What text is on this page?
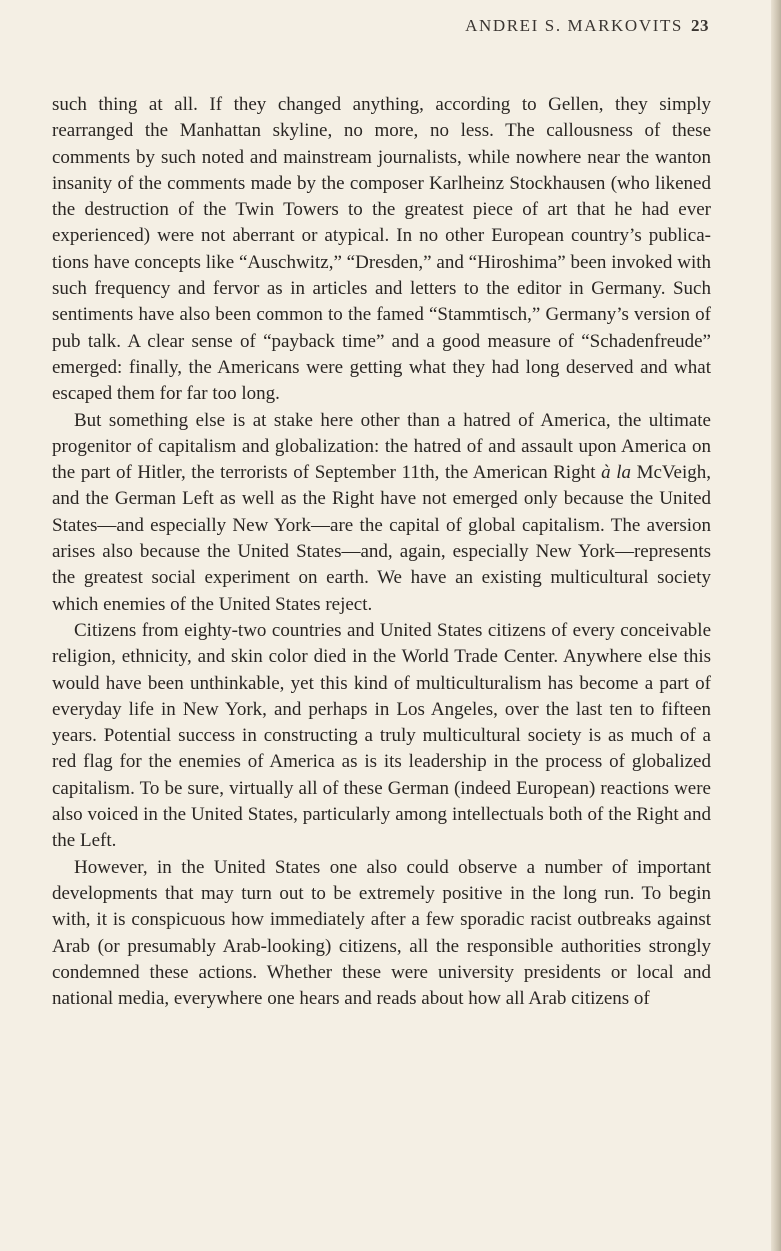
ANDREI S. MARKOVITS 23

such thing at all. If they changed anything, according to Gellen, they simply rearranged the Manhattan skyline, no more, no less. The callousness of these comments by such noted and mainstream journalists, while nowhere near the wanton insanity of the comments made by the composer Karlheinz Stockhausen (who likened the destruction of the Twin Towers to the greatest piece of art that he had ever experienced) were not aberrant or atypical. In no other European country’s publications have concepts like “Auschwitz,” “Dresden,” and “Hiroshima” been invoked with such frequency and fervor as in articles and letters to the editor in Germany. Such sentiments have also been common to the famed “Stammtisch,” Germany’s version of pub talk. A clear sense of “payback time” and a good measure of “Schadenfreude” emerged: finally, the Americans were getting what they had long deserved and what escaped them for far too long.

But something else is at stake here other than a hatred of America, the ultimate progenitor of capitalism and globalization: the hatred of and assault upon America on the part of Hitler, the terrorists of September 11th, the American Right à la McVeigh, and the German Left as well as the Right have not emerged only because the United States—and especially New York—are the capital of global capitalism. The aversion arises also because the United States—and, again, especially New York—represents the greatest social experiment on earth. We have an existing multicultural society which enemies of the United States reject.

Citizens from eighty-two countries and United States citizens of every conceivable religion, ethnicity, and skin color died in the World Trade Center. Anywhere else this would have been unthinkable, yet this kind of multiculturalism has become a part of everyday life in New York, and perhaps in Los Angeles, over the last ten to fifteen years. Potential success in constructing a truly multicultural society is as much of a red flag for the enemies of America as is its leadership in the process of globalized capitalism. To be sure, virtually all of these German (indeed European) reactions were also voiced in the United States, particularly among intellectuals both of the Right and the Left.

However, in the United States one also could observe a number of important developments that may turn out to be extremely positive in the long run. To begin with, it is conspicuous how immediately after a few sporadic racist outbreaks against Arab (or presumably Arab-looking) citizens, all the responsible authorities strongly condemned these actions. Whether these were university presidents or local and national media, everywhere one hears and reads about how all Arab citizens of
